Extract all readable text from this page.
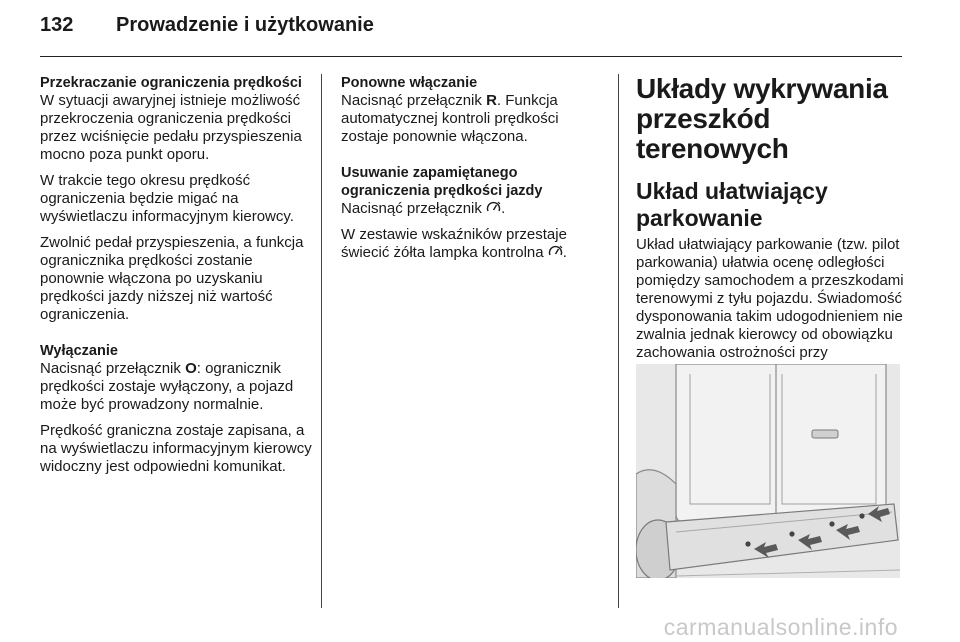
132	Prowadzenie i użytkowanie
Przekraczanie ograniczenia prędkości

W sytuacji awaryjnej istnieje możliwość przekroczenia ograniczenia prędkości przez wciśnięcie pedału przyspieszenia mocno poza punkt oporu.

W trakcie tego okresu prędkość ograniczenia będzie migać na wyświetlaczu informacyjnym kierowcy.

Zwolnić pedał przyspieszenia, a funkcja ogranicznika prędkości zostanie ponownie włączona po uzyskaniu prędkości jazdy niższej niż wartość ograniczenia.

Wyłączanie

Nacisnąć przełącznik O: ogranicznik prędkości zostaje wyłączony, a pojazd może być prowadzony normalnie.

Prędkość graniczna zostaje zapisana, a na wyświetlaczu informacyjnym kierowcy widoczny jest odpowiedni komunikat.

Ponowne włączanie

Nacisnąć przełącznik R. Funkcja automatycznej kontroli prędkości zostaje ponownie włączona.

Usuwanie zapamiętanego ograniczenia prędkości jazdy

Nacisnąć przełącznik .

W zestawie wskaźników przestaje świecić żółta lampka kontrolna .

Układy wykrywania przeszkód terenowych
Układ ułatwiający parkowanie

Układ ułatwiający parkowanie (tzw. pilot parkowania) ułatwia ocenę odległości pomiędzy samochodem a przeszkodami terenowymi z tyłu pojazdu. Świadomość dysponowania takim udogodnieniem nie zwalnia jednak kierowcy od obowiązku zachowania ostrożności przy

carmanualsonline.info
